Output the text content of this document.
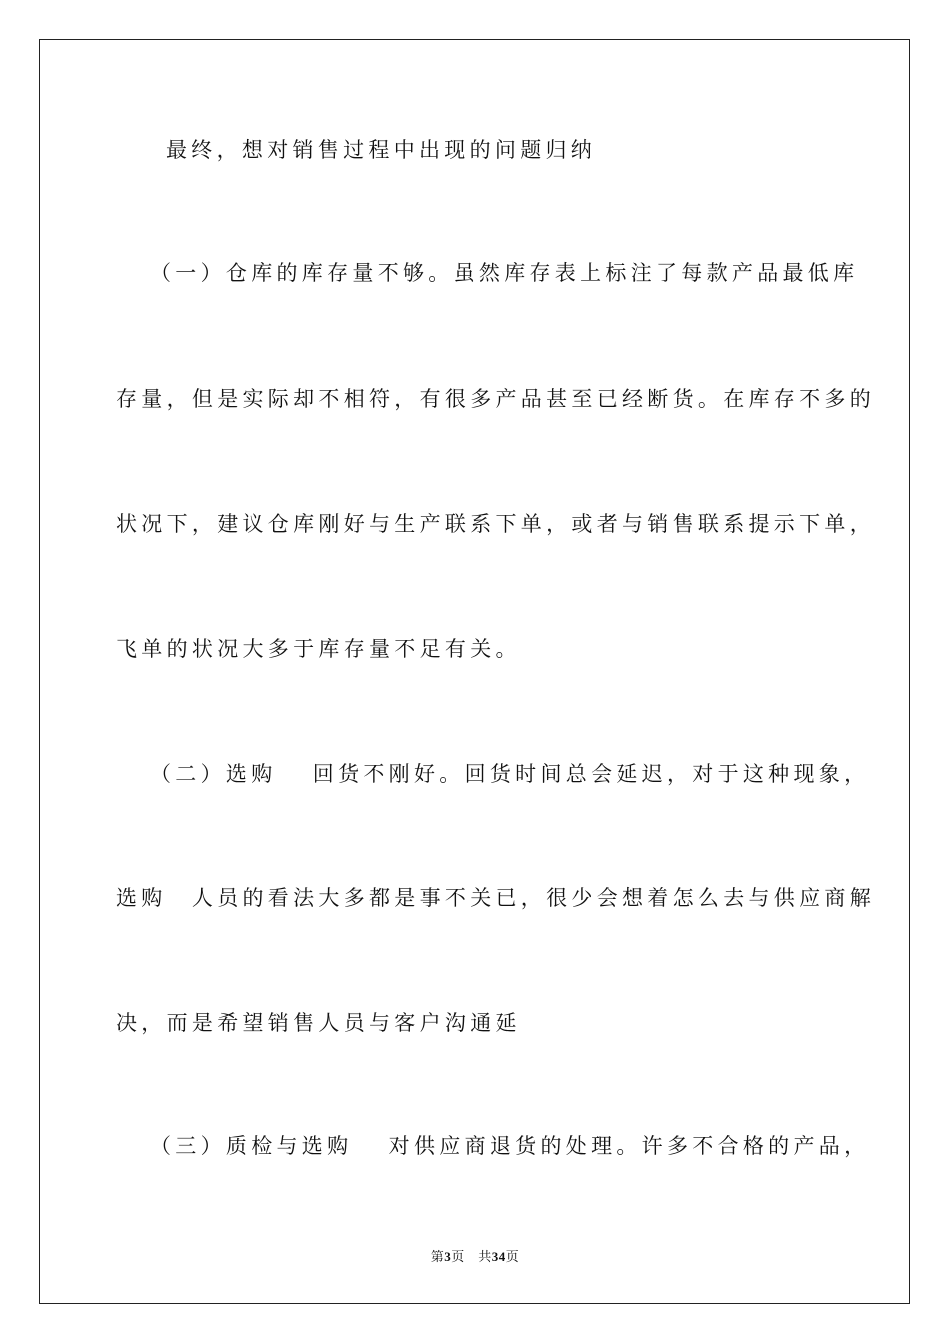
最终，想对销售过程中出现的问题归纳

（一）仓库的库存量不够。虽然库存表上标注了每款产品最低库

存量，但是实际却不相符，有很多产品甚至已经断货。在库存不多的

状况下，建议仓库刚好与生产联系下单，或者与销售联系提示下单，

飞单的状况大多于库存量不足有关。

（二）选购　 回货不刚好。回货时间总会延迟，对于这种现象，

选购　人员的看法大多都是事不关已，很少会想着怎么去与供应商解

决，而是希望销售人员与客户沟通延

（三）质检与选购　 对供应商退货的处理。许多不合格的产品，

第3页　共34页
